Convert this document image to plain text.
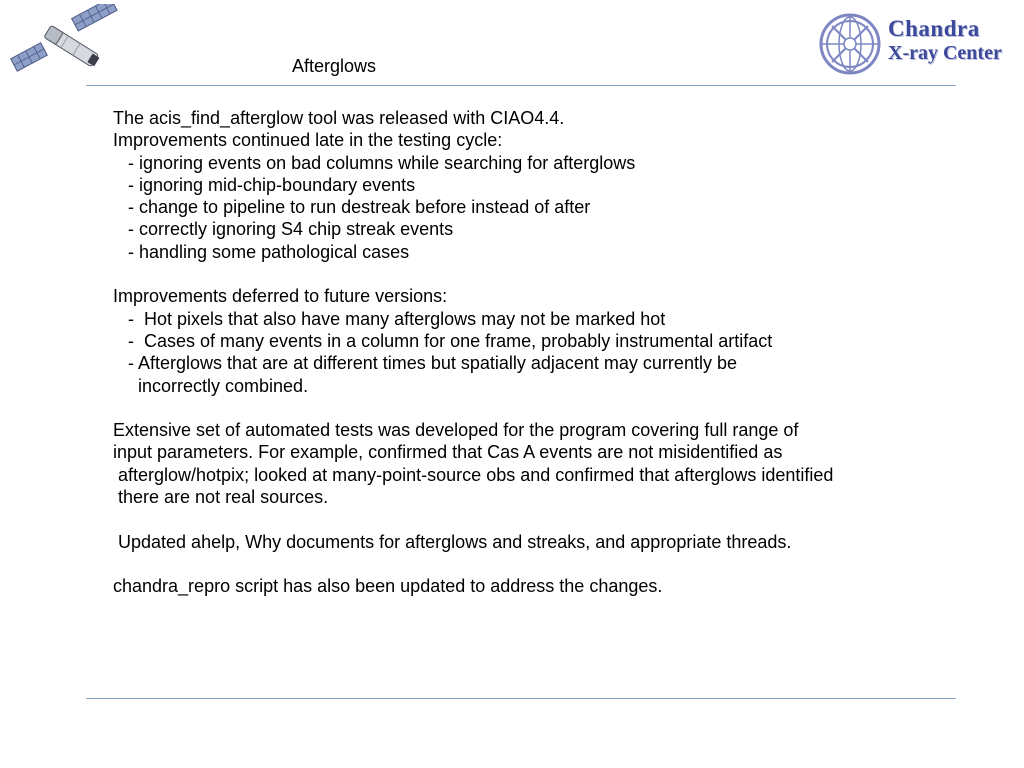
Chandra
X-ray Center
Afterglows
The acis_find_afterglow tool was released with CIAO4.4.
Improvements continued late in the testing cycle:
- ignoring events on bad columns while searching for afterglows
- ignoring mid-chip-boundary events
- change to pipeline to run destreak before instead of after
- correctly ignoring S4 chip streak events
- handling some pathological cases
Improvements deferred to future versions:
-  Hot pixels that also have many afterglows may not be marked hot
-  Cases of many events in a column for one frame, probably instrumental artifact
- Afterglows that are at different times but spatially adjacent may currently be
incorrectly combined.
Extensive set of automated tests was developed for the program covering full range of
input parameters. For example, confirmed that Cas A events are not misidentified as
afterglow/hotpix; looked at many-point-source obs and confirmed that afterglows identified
there are not real sources.
Updated ahelp, Why documents for afterglows and streaks, and appropriate threads.
chandra_repro script has also been updated to address the changes.
